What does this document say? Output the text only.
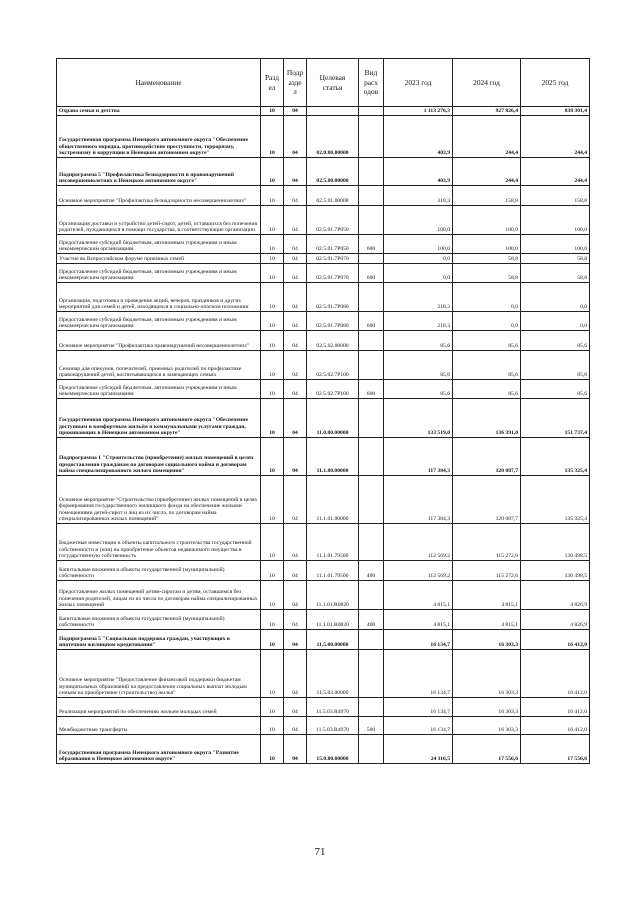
Наименование	Разд ел	Подр азде л	Целевая статья	Вид расх одов	2023 год	2024 год	2025 год
Охрана семьи и детства	10	04			1 113 276,3	927 826,4	838 301,4
Государственная программа Ненецкого автономного округа "Обеспечение общественного порядка, противодействие преступности, терроризму, экстремизму и коррупции в Ненецком автономном округе"	10	04	02.0.00.00000		403,9	244,4	244,4
Подпрограмма 5 "Профилактика безнадзорности и правонарушений несовершеннолетних в Ненецком автономном округе"	10	04	02.5.00.00000		403,9	244,4	244,4
Основное мероприятие "Профилактика безнадзорности несовершеннолетних"	10	04	02.5.01.00000		318,3	158,8	158,8
Организация доставки и устройство детей-сирот, детей, оставшихся без попечения родителей, нуждающихся в помощи государства, в соответствующие организации	10	04	02.5.01.7Р050		100,0	100,0	100,0
Предоставление субсидий бюджетным, автономным учреждениям и иным некоммерческим организациям	10	04	02.5.01.7Р050	600	100,0	100,0	100,0
Участие во Всероссийском форуме приемных семей	10	04	02.5.01.7Р070		0,0	58,8	58,8
Предоставление субсидий бюджетным, автономным учреждениям и иным некоммерческим организациям	10	04	02.5.01.7Р070	600	0,0	58,8	58,8
Организация, подготовка и проведение акций, вечеров, праздников и других мероприятий для семей и детей, находящихся в социально-опасном положении	10	04	02.5.01.7Р080		218,3	0,0	0,0
Предоставление субсидий бюджетным, автономным учреждениям и иным некоммерческим организациям	10	04	02.5.01.7Р080	600	218,3	0,0	0,0
Основное мероприятие "Профилактика правонарушений несовершеннолетних"	10	04	02.5.02.00000		85,6	85,6	85,6
Семинар для опекунов, попечителей, приемных родителей по профилактике правонарушений детей, воспитывающихся в замещающих семьях	10	04	02.5.02.7Р100		85,6	85,6	85,6
Предоставление субсидий бюджетным, автономным учреждениям и иным некоммерческим организациям	10	04	02.5.02.7Р100	600	85,6	85,6	85,6
Государственная программа Ненецкого автономного округа "Обеспечение доступным и комфортным жильём и коммунальными услугами граждан, проживающих в Ненецком автономном округе"	10	04	11.0.00.00000		133 519,0	136 391,0	151 737,4
Подпрограмма 1 "Строительство (приобретение) жилых помещений в целях предоставления гражданам по договорам социального найма и договорам найма специализированного жилого помещения"	10	04	11.1.00.00000		117 384,3	120 087,7	135 325,4
Основное мероприятие "Строительство (приобретение) жилых помещений в целях формирования государственного жилищного фонда на обеспечение жилыми помещениями детей-сирот и лиц из их числа, по договорам найма специализированных жилых помещений"	10	04	11.1.01.00000		117 384,3	120 087,7	135 325,4
Бюджетные инвестиции в объекты капитального строительства государственной собственности и (или) на приобретение объектов недвижимого имущества в государственную собственность	10	04	11.1.01.79500		112 569,2	115 272,6	130 498,5
Капитальные вложения в объекты государственной (муниципальной) собственности	10	04	11.1.01.79500	400	112 569,2	115 272,6	130 498,5
Предоставление жилых помещений детям-сиротам и детям, оставшимся без попечения родителей, лицам из их числа по договорам найма специализированных жилых помещений	10	04	11.1.01.R0820		4 815,1	4 815,1	4 826,9
Капитальные вложения в объекты государственной (муниципальной) собственности	10	04	11.1.01.R0820	400	4 815,1	4 815,1	4 826,9
Подпрограмма 5 "Социальная поддержка граждан, участвующих в ипотечном жилищном кредитовании"	10	04	11.5.00.00000		16 134,7	16 303,3	16 412,0
Основное мероприятие "Предоставление финансовой поддержки бюджетам муниципальных образований на предоставление социальных выплат молодым семьям на приобретение (строительство) жилья"	10	04	11.5.03.00000		16 134,7	16 303,3	16 412,0
Реализация мероприятий по обеспечению жильем молодых семей	10	04	11.5.03.R4970		16 134,7	16 303,3	16 412,0
Межбюджетные трансферты	10	04	11.5.03.R4970	500	16 134,7	16 303,3	16 412,0
Государственная программа Ненецкого автономного округа "Развитие образования в Ненецком автономном округе"	10	04	15.0.00.00000		24 116,5	17 556,6	17 556,6
71
